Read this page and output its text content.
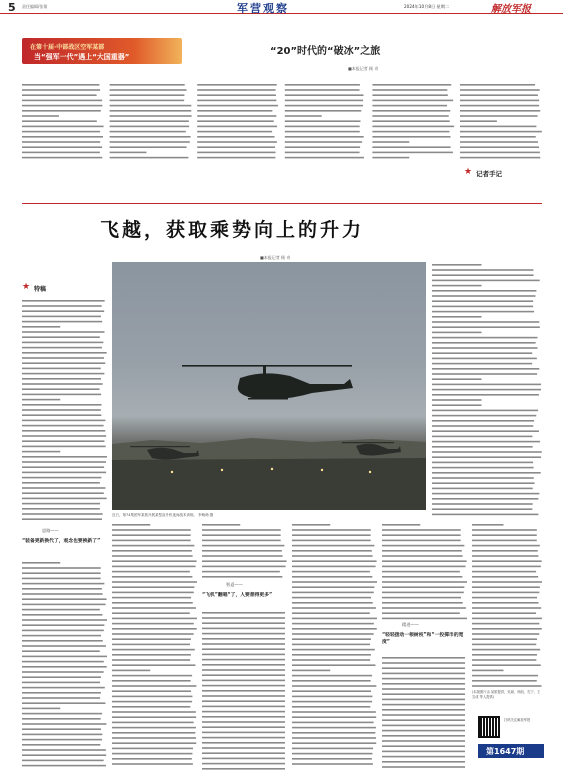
5 责任编辑/张翔	军营观察	2024年10月8日 星期二	解放军报
在第十届·中部战区空军某部
当“强军一代”遇上“大国重器”	“20”时代的“破冰”之旅
■本报记者 顾 奇
★ 记者手记
飞越，获取乘势向上的升力
■本报记者 顾 奇
★ 特稿
近日，第74集团军某旅开展某型直升机夜间战术训练。 李萌萌 摄
思路——
“装备更新换代了，观念也要换新了”
智返——
“飞机”翻唱“了，人要想得更多”
精进——
“轻轻拨动一根树枝”和“一投掷币的宽度”
(本版照片由 某旅提供，吴斌、杨凯、孔宁、王宝成 等人提供)
扫码关注解放军报
第1647期
